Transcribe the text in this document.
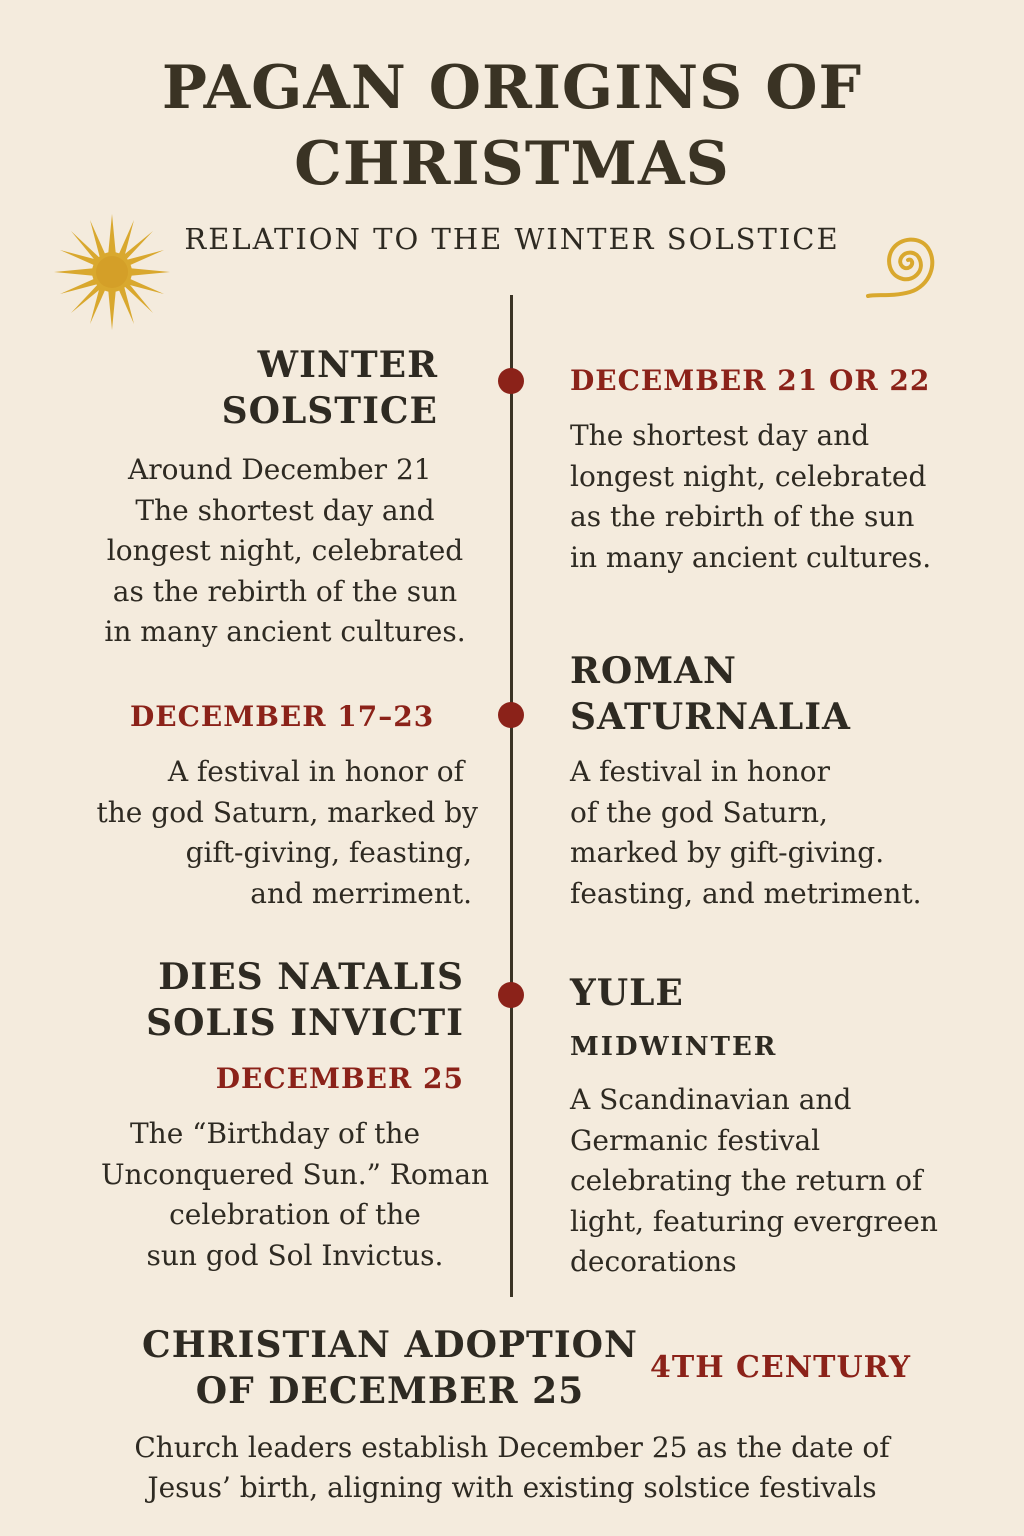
PAGAN ORIGINS OF
CHRISTMAS
RELATION TO THE WINTER SOLSTICE
WINTER
SOLSTICE
Around December 21
The shortest day and
longest night, celebrated
as the rebirth of the sun
in many ancient cultures.
DECEMBER 21 OR 22
The shortest day and
longest night, celebrated
as the rebirth of the sun
in many ancient cultures.
DECEMBER 17–23
A festival in honor of
the god Saturn, marked by
gift-giving, feasting,
and merriment.
ROMAN
SATURNALIA
A festival in honor
of the god Saturn,
marked by gift-giving.
feasting, and metriment.
DIES NATALIS
SOLIS INVICTI
DECEMBER 25
The “Birthday of the
Unconquered Sun.” Roman
celebration of the
sun god Sol Invictus.
YULE
MIDWINTER
A Scandinavian and
Germanic festival
celebrating the return of
light, featuring evergreen
decorations
CHRISTIAN ADOPTION
OF DECEMBER 25
4TH CENTURY
Church leaders establish December 25 as the date of
Jesus’ birth, aligning with existing solstice festivals
